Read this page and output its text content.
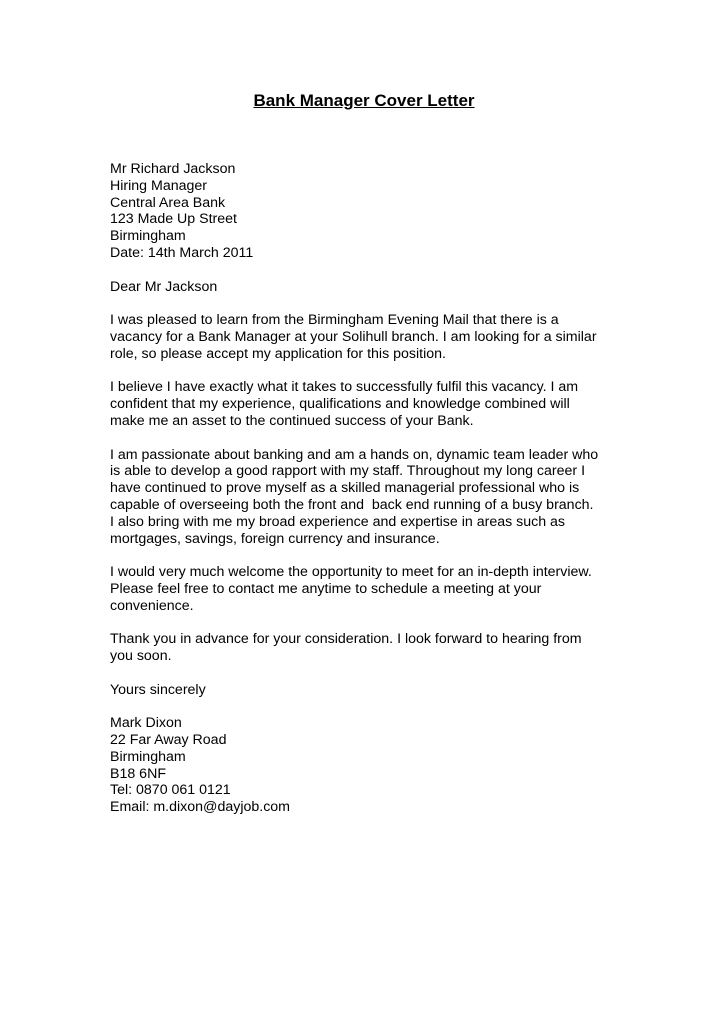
Bank Manager Cover Letter
Mr Richard Jackson
Hiring Manager
Central Area Bank
123 Made Up Street
Birmingham
Date: 14th March 2011
Dear Mr Jackson
I was pleased to learn from the Birmingham Evening Mail that there is a
vacancy for a Bank Manager at your Solihull branch. I am looking for a similar
role, so please accept my application for this position.
I believe I have exactly what it takes to successfully fulfil this vacancy. I am
confident that my experience, qualifications and knowledge combined will
make me an asset to the continued success of your Bank.
I am passionate about banking and am a hands on, dynamic team leader who
is able to develop a good rapport with my staff. Throughout my long career I
have continued to prove myself as a skilled managerial professional who is
capable of overseeing both the front and  back end running of a busy branch.
I also bring with me my broad experience and expertise in areas such as
mortgages, savings, foreign currency and insurance.
I would very much welcome the opportunity to meet for an in-depth interview.
Please feel free to contact me anytime to schedule a meeting at your
convenience.
Thank you in advance for your consideration. I look forward to hearing from
you soon.
Yours sincerely
Mark Dixon
22 Far Away Road
Birmingham
B18 6NF
Tel: 0870 061 0121
Email: m.dixon@dayjob.com
